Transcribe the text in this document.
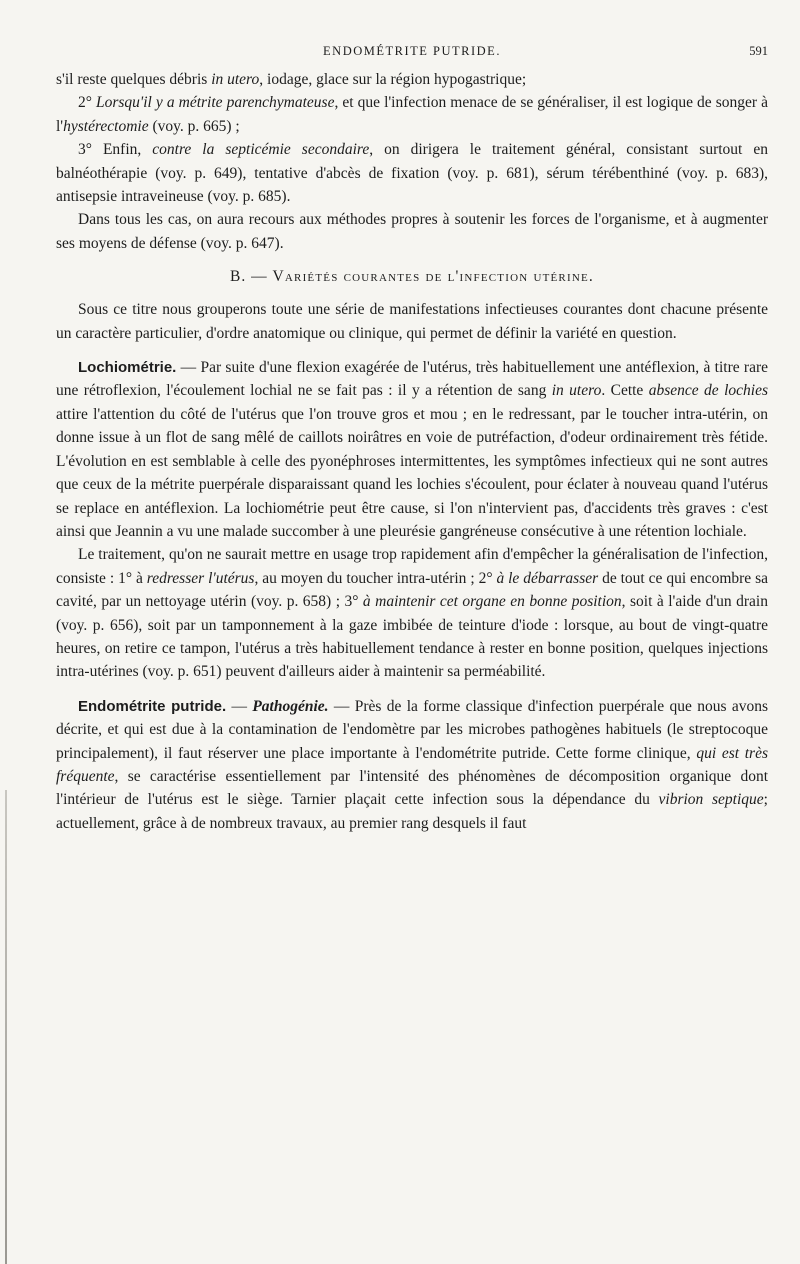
ENDOMÉTRITE PUTRIDE.	591

s'il reste quelques débris in utero, iodage, glace sur la région hypogastrique;

2° Lorsqu'il y a métrite parenchymateuse, et que l'infection menace de se généraliser, il est logique de songer à l'hystérectomie (voy. p. 665) ;

3° Enfin, contre la septicémie secondaire, on dirigera le traitement général, consistant surtout en balnéothérapie (voy. p. 649), tentative d'abcès de fixation (voy. p. 681), sérum térébenthiné (voy. p. 683), antisepsie intraveineuse (voy. p. 685).

Dans tous les cas, on aura recours aux méthodes propres à soutenir les forces de l'organisme, et à augmenter ses moyens de défense (voy. p. 647).

B. — Variétés courantes de l'infection utérine.

Sous ce titre nous grouperons toute une série de manifestations infectieuses courantes dont chacune présente un caractère particulier, d'ordre anatomique ou clinique, qui permet de définir la variété en question.

Lochiométrie. — Par suite d'une flexion exagérée de l'utérus, très habituellement une antéflexion, à titre rare une rétroflexion, l'écoulement lochial ne se fait pas : il y a rétention de sang in utero. Cette absence de lochies attire l'attention du côté de l'utérus que l'on trouve gros et mou ; en le redressant, par le toucher intra-utérin, on donne issue à un flot de sang mêlé de caillots noirâtres en voie de putréfaction, d'odeur ordinairement très fétide. L'évolution en est semblable à celle des pyonéphroses intermittentes, les symptômes infectieux qui ne sont autres que ceux de la métrite puerpérale disparaissant quand les lochies s'écoulent, pour éclater à nouveau quand l'utérus se replace en antéflexion. La lochiométrie peut être cause, si l'on n'intervient pas, d'accidents très graves : c'est ainsi que Jeannin a vu une malade succomber à une pleurésie gangréneuse consécutive à une rétention lochiale.

Le traitement, qu'on ne saurait mettre en usage trop rapidement afin d'empêcher la généralisation de l'infection, consiste : 1° à redresser l'utérus, au moyen du toucher intra-utérin ; 2° à le débarrasser de tout ce qui encombre sa cavité, par un nettoyage utérin (voy. p. 658) ; 3° à maintenir cet organe en bonne position, soit à l'aide d'un drain (voy. p. 656), soit par un tamponnement à la gaze imbibée de teinture d'iode : lorsque, au bout de vingt-quatre heures, on retire ce tampon, l'utérus a très habituellement tendance à rester en bonne position, quelques injections intra-utérines (voy. p. 651) peuvent d'ailleurs aider à maintenir sa perméabilité.

Endométrite putride. — Pathogénie. — Près de la forme classique d'infection puerpérale que nous avons décrite, et qui est due à la contamination de l'endomètre par les microbes pathogènes habituels (le streptocoque principalement), il faut réserver une place importante à l'endométrite putride. Cette forme clinique, qui est très fréquente, se caractérise essentiellement par l'intensité des phénomènes de décomposition organique dont l'intérieur de l'utérus est le siège. Tarnier plaçait cette infection sous la dépendance du vibrion septique; actuellement, grâce à de nombreux travaux, au premier rang desquels il faut
